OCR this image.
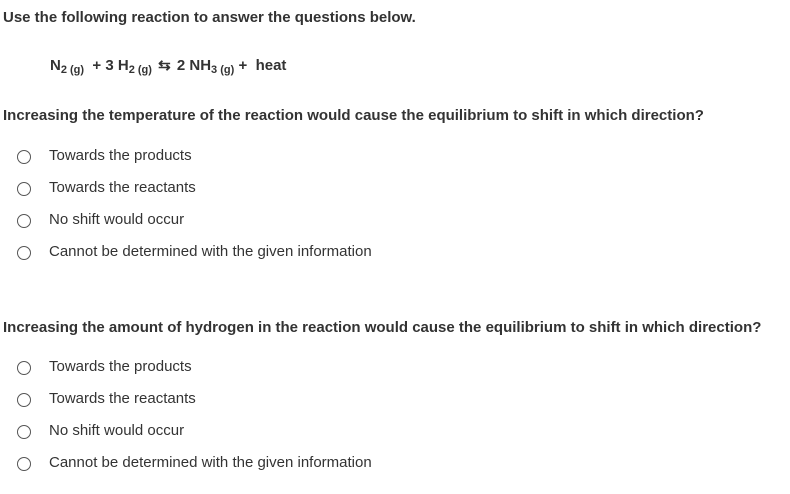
Use the following reaction to answer the questions below.
$N_{2 (g)} + 3$ $H_{2 (g)}$ ⇆ 2 $NH_{3 (g)}$ + heat
Increasing the temperature of the reaction would cause the equilibrium to shift in which direction?
Towards the products
Towards the reactants
No shift would occur
Cannot be determined with the given information
Increasing the amount of hydrogen in the reaction would cause the equilibrium to shift in which direction?
Towards the products
Towards the reactants
No shift would occur
Cannot be determined with the given information
